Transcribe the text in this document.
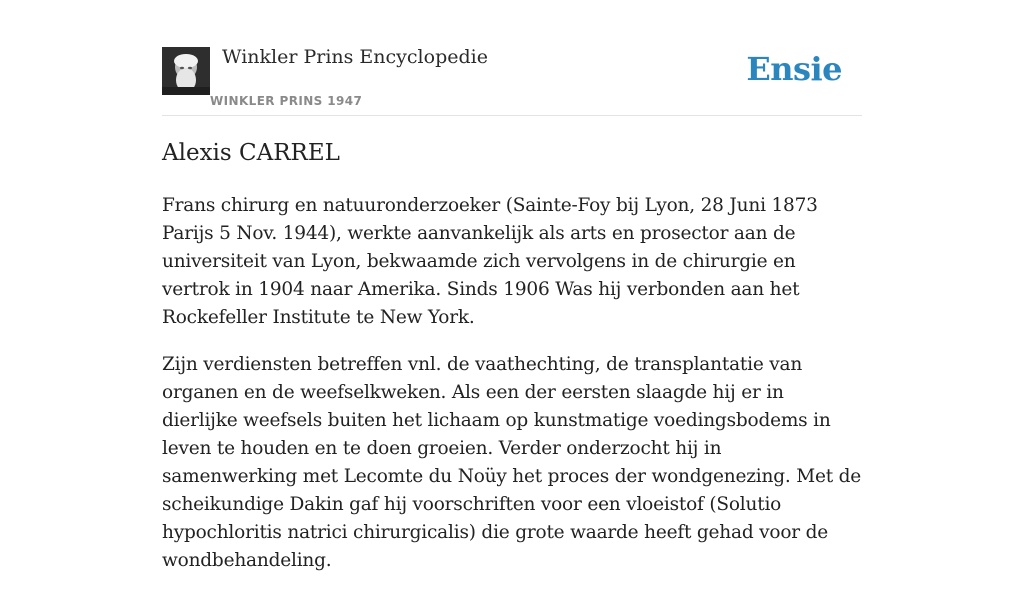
Winkler Prins Encyclopedie
WINKLER PRINS 1947
Ensie
Alexis CARREL

Frans chirurg en natuuronderzoeker (Sainte-Foy bij Lyon, 28 Juni 1873 Parijs 5 Nov. 1944), werkte aanvankelijk als arts en prosector aan de universiteit van Lyon, bekwaamde zich vervolgens in de chirurgie en vertrok in 1904 naar Amerika. Sinds 1906 Was hij verbonden aan het Rockefeller Institute te New York.

Zijn verdiensten betreffen vnl. de vaathechting, de transplantatie van organen en de weefselkweken. Als een der eersten slaagde hij er in dierlijke weefsels buiten het lichaam op kunstmatige voedingsbodems in leven te houden en te doen groeien. Verder onderzocht hij in samenwerking met Lecomte du Noüy het proces der wondgenezing. Met de scheikundige Dakin gaf hij voorschriften voor een vloeistof (Solutio hypochloritis natrici chirurgicalis) die grote waarde heeft gehad voor de wondbehandeling.
